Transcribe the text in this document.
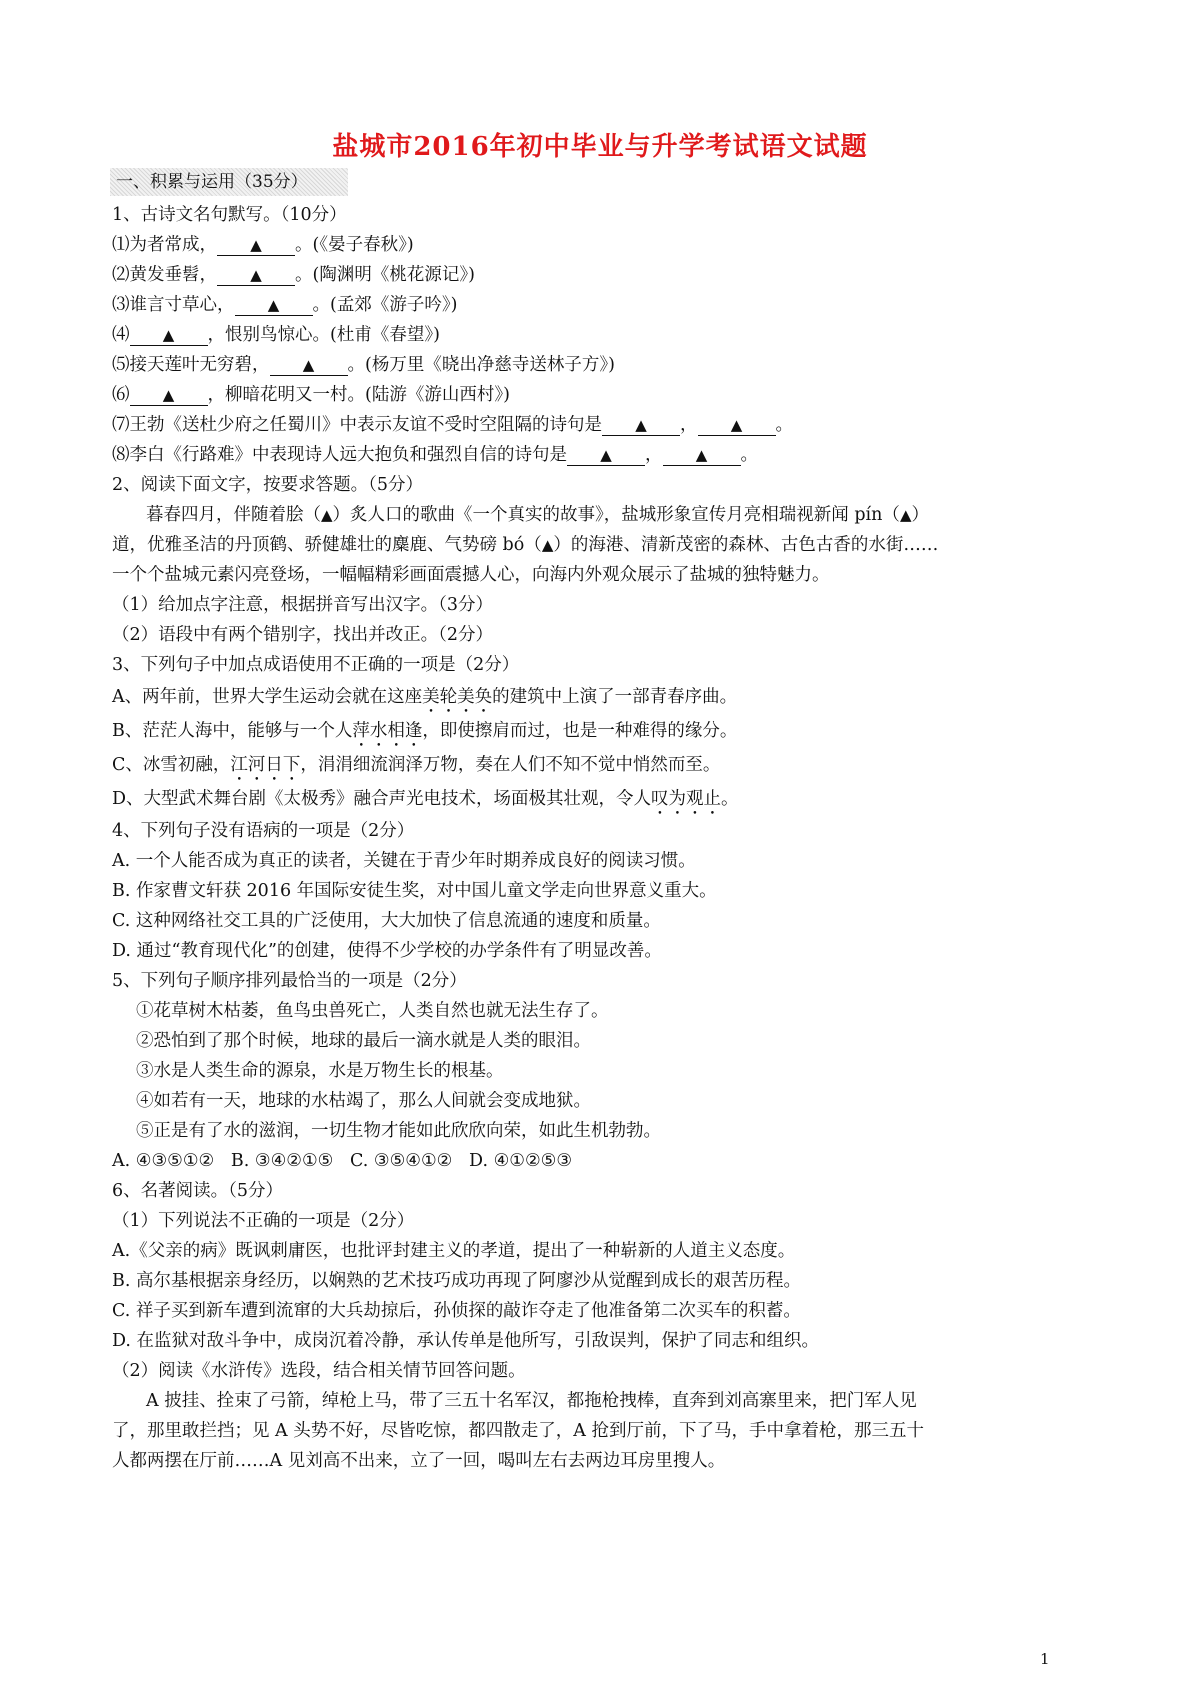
盐城市2016年初中毕业与升学考试语文试题
一、积累与运用（35分）
1、古诗文名句默写。（10分）
⑴为者常成， ▲ 。(《晏子春秋》)
⑵黄发垂髫， ▲ 。(陶渊明《桃花源记》)
⑶谁言寸草心， ▲ 。(孟郊《游子吟》)
⑷ ▲ ，恨别鸟惊心。(杜甫《春望》)
⑸接天莲叶无穷碧， ▲ 。(杨万里《晓出净慈寺送林子方》)
⑹ ▲ ，柳暗花明又一村。(陆游《游山西村》)
⑺王勃《送杜少府之任蜀川》中表示友谊不受时空阻隔的诗句是 ▲ ， ▲ 。
⑻李白《行路难》中表现诗人远大抱负和强烈自信的诗句是 ▲ ， ▲ 。
2、阅读下面文字，按要求答题。（5分）
暮春四月，伴随着脍（▲）炙人口的歌曲《一个真实的故事》，盐城形象宣传月亮相瑞视新闻 pín（▲）
道，优雅圣洁的丹顶鹤、骄健雄壮的麋鹿、气势磅 bó（▲）的海港、清新茂密的森林、古色古香的水街……
一个个盐城元素闪亮登场，一幅幅精彩画面震撼人心，向海内外观众展示了盐城的独特魅力。
（1）给加点字注意，根据拼音写出汉字。（3分）
（2）语段中有两个错别字，找出并改正。（2分）
3、下列句子中加点成语使用不正确的一项是（2分）
A、两年前，世界大学生运动会就在这座美轮美奂的建筑中上演了一部青春序曲。
B、茫茫人海中，能够与一个人萍水相逢，即使擦肩而过，也是一种难得的缘分。
C、冰雪初融，江河日下，涓涓细流润泽万物，奏在人们不知不觉中悄然而至。
D、大型武术舞台剧《太极秀》融合声光电技术，场面极其壮观，令人叹为观止。
4、下列句子没有语病的一项是（2分）
A. 一个人能否成为真正的读者，关键在于青少年时期养成良好的阅读习惯。
B. 作家曹文轩获 2016 年国际安徒生奖，对中国儿童文学走向世界意义重大。
C. 这种网络社交工具的广泛使用，大大加快了信息流通的速度和质量。
D. 通过“教育现代化”的创建，使得不少学校的办学条件有了明显改善。
5、下列句子顺序排列最恰当的一项是（2分）
①花草树木枯萎，鱼鸟虫兽死亡，人类自然也就无法生存了。
②恐怕到了那个时候，地球的最后一滴水就是人类的眼泪。
③水是人类生命的源泉，水是万物生长的根基。
④如若有一天，地球的水枯竭了，那么人间就会变成地狱。
⑤正是有了水的滋润，一切生物才能如此欣欣向荣，如此生机勃勃。
A. ④③⑤①②   B. ③④②①⑤   C. ③⑤④①②   D. ④①②⑤③
6、名著阅读。（5分）
（1）下列说法不正确的一项是（2分）
A.《父亲的病》既讽刺庸医，也批评封建主义的孝道，提出了一种崭新的人道主义态度。
B. 高尔基根据亲身经历，以娴熟的艺术技巧成功再现了阿廖沙从觉醒到成长的艰苦历程。
C. 祥子买到新车遭到流窜的大兵劫掠后，孙侦探的敲诈夺走了他准备第二次买车的积蓄。
D. 在监狱对敌斗争中，成岗沉着冷静，承认传单是他所写，引敌误判，保护了同志和组织。
（2）阅读《水浒传》选段，结合相关情节回答问题。
A 披挂、拴束了弓箭，绰枪上马，带了三五十名军汉，都拖枪拽棒，直奔到刘高寨里来，把门军人见
了，那里敢拦挡；见 A 头势不好，尽皆吃惊，都四散走了，A 抢到厅前，下了马，手中拿着枪，那三五十
人都两摆在厅前……A 见刘高不出来，立了一回，喝叫左右去两边耳房里搜人。
1
